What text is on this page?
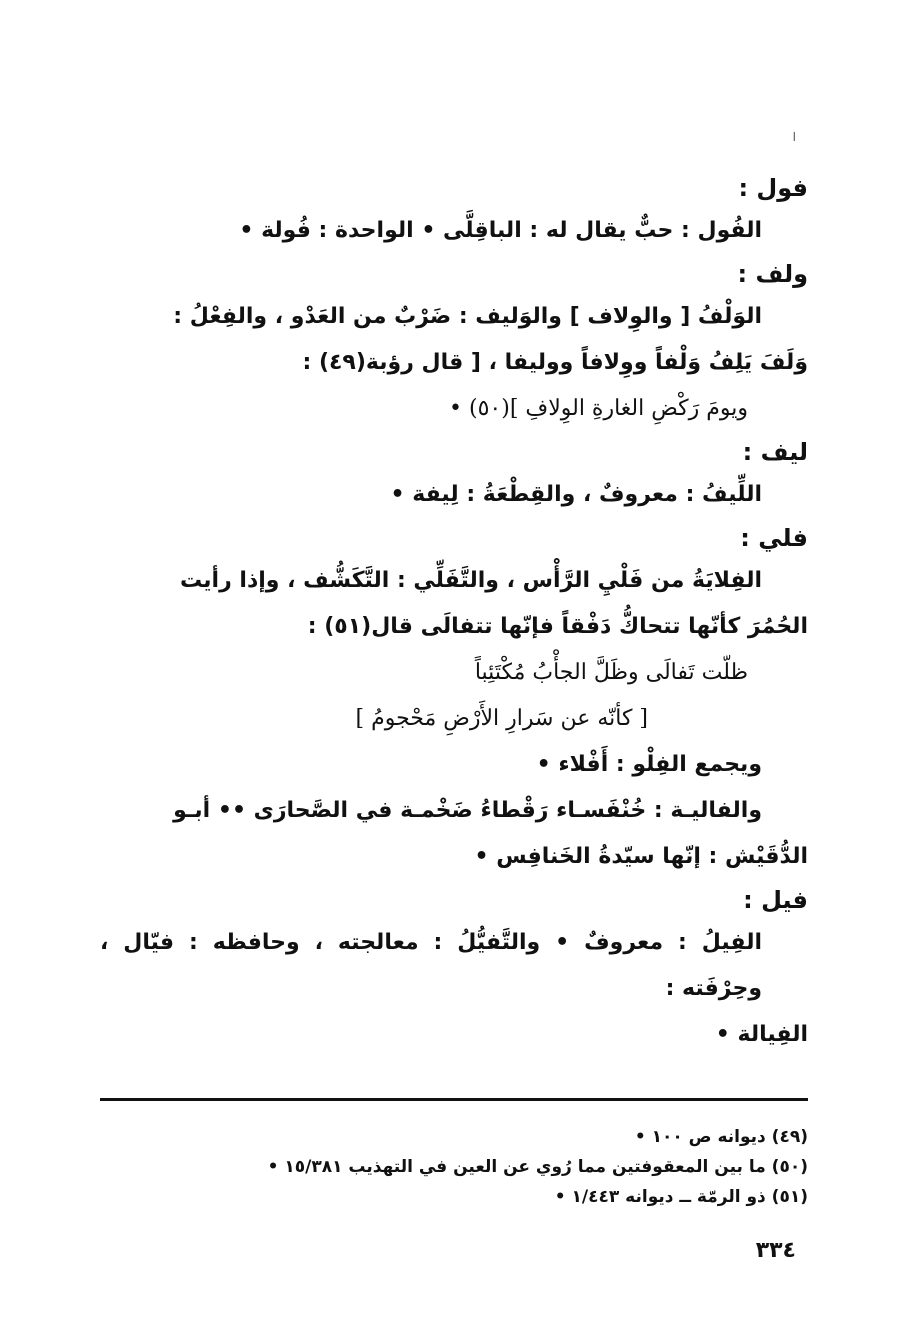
ا

فول :

الفُول : حبٌّ يقال له : الباقِلَّى • الواحدة : فُولة •

ولف :

الوَلْفُ [ والوِلاف ] والوَليف : ضَرْبٌ من العَدْو ، والفِعْلُ :

وَلَفَ يَلِفُ وَلْفاً ووِلافاً ووليفا ، [ قال رؤبة(٤٩) :

ويومَ رَكْضِ الغارةِ الوِلافِ ](٥٠) •

ليف :

اللِّيفُ : معروفٌ ، والقِطْعَةُ : لِيفة •

فلي :

الفِلايَةُ من فَلْيِ الرَّأْس ، والتَّفَلِّي : التَّكَشُّف ، وإذا رأيت

الحُمُرَ كأنّها تتحاكُّ دَفْقاً فإنّها تتفالَى قال(٥١) :

ظلّت تَفالَى وظَلَّ الجأْبُ مُكْتَئِباً

[ كأنّه عن سَرارِ الأَرْضِ مَحْجومُ ]

ويجمع الفِلْو : أَفْلاء •

والفاليـة : خُنْفَسـاء رَقْطاءُ ضَخْمـة في الصَّحارَى •• أبـو

الدُّقَيْش : إنّها سيّدةُ الخَنافِس •

فيل :

الفِيلُ : معروفٌ • والتَّفيُّلُ : معالجته ، وحافظه : فيّال ، وحِرْفَته :

الفِيالة •

(٤٩) ديوانه ص ١٠٠ •

(٥٠) ما بين المعقوفتين مما رُوي عن العين في التهذيب ١٥/٣٨١ •

(٥١) ذو الرمّة ــ ديوانه ١/٤٤٣ •

٣٣٤
